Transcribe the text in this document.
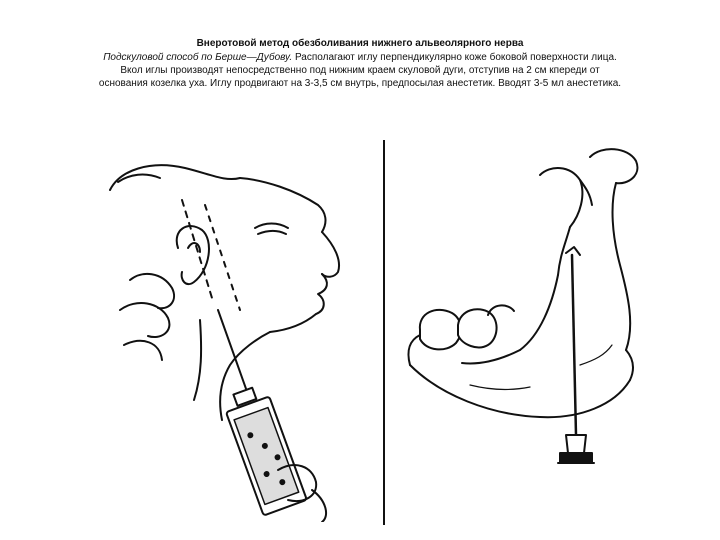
Внеротовой метод обезболивания нижнего альвеолярного нерва
Подскуловой способ по Берше—Дубову. Располагают иглу перпендикулярно коже боковой поверхности лица.
Вкол иглы производят непосредственно под нижним краем скуловой дуги, отступив на 2 см кпереди от
основания козелка уха. Иглу продвигают на 3-3,5 см внутрь, предпосылая анестетик. Вводят 3-5 мл анестетика.
